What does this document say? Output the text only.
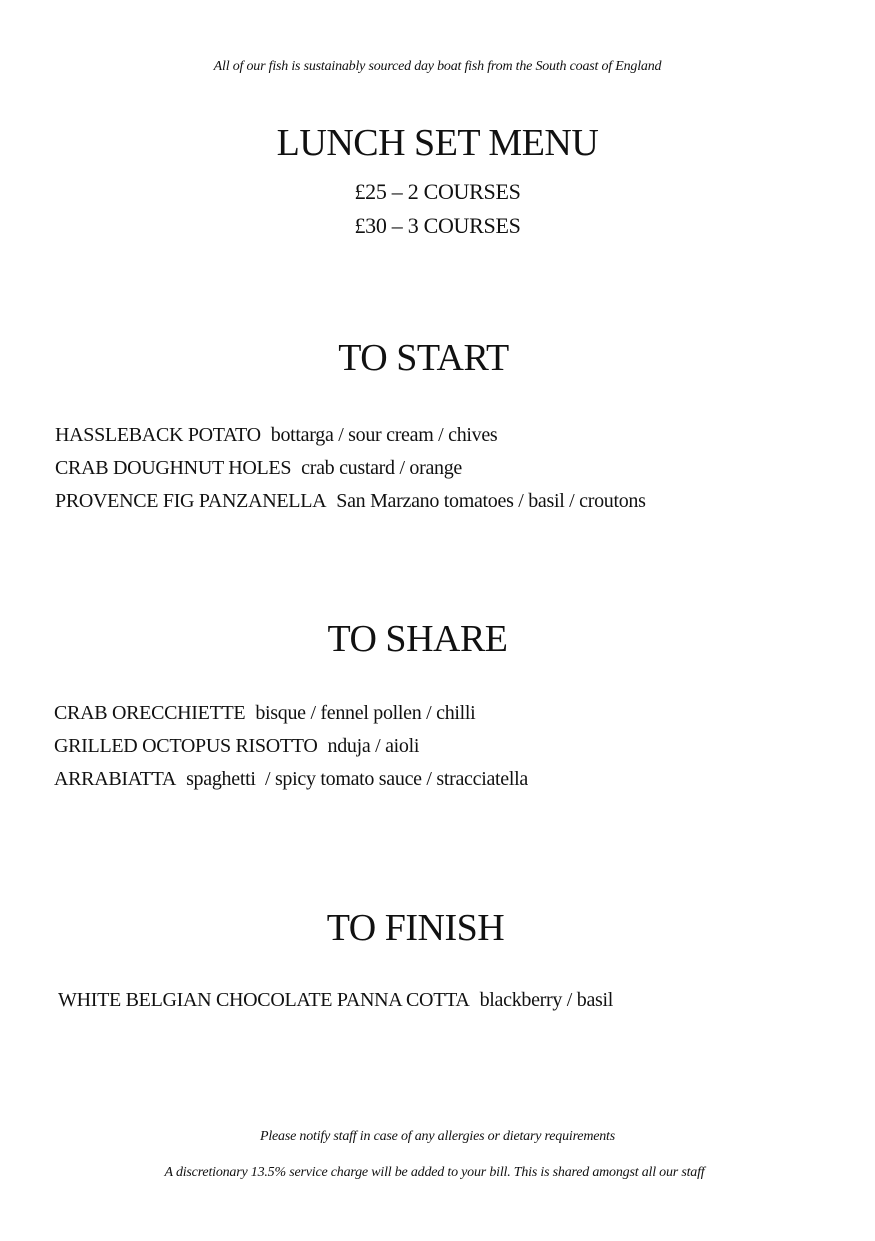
All of our fish is sustainably sourced day boat fish from the South coast of England
LUNCH SET MENU
£25 – 2 COURSES
£30 – 3 COURSES
TO START
HASSLEBACK POTATO bottarga / sour cream / chives
CRAB DOUGHNUT HOLES crab custard / orange
PROVENCE FIG PANZANELLA San Marzano tomatoes / basil / croutons
TO SHARE
CRAB ORECCHIETTE bisque / fennel pollen / chilli
GRILLED OCTOPUS RISOTTO nduja / aioli
ARRABIATTA spaghetti  / spicy tomato sauce / stracciatella
TO FINISH
WHITE BELGIAN CHOCOLATE PANNA COTTA blackberry / basil
Please notify staff in case of any allergies or dietary requirements
A discretionary 13.5% service charge will be added to your bill. This is shared amongst all our staff
